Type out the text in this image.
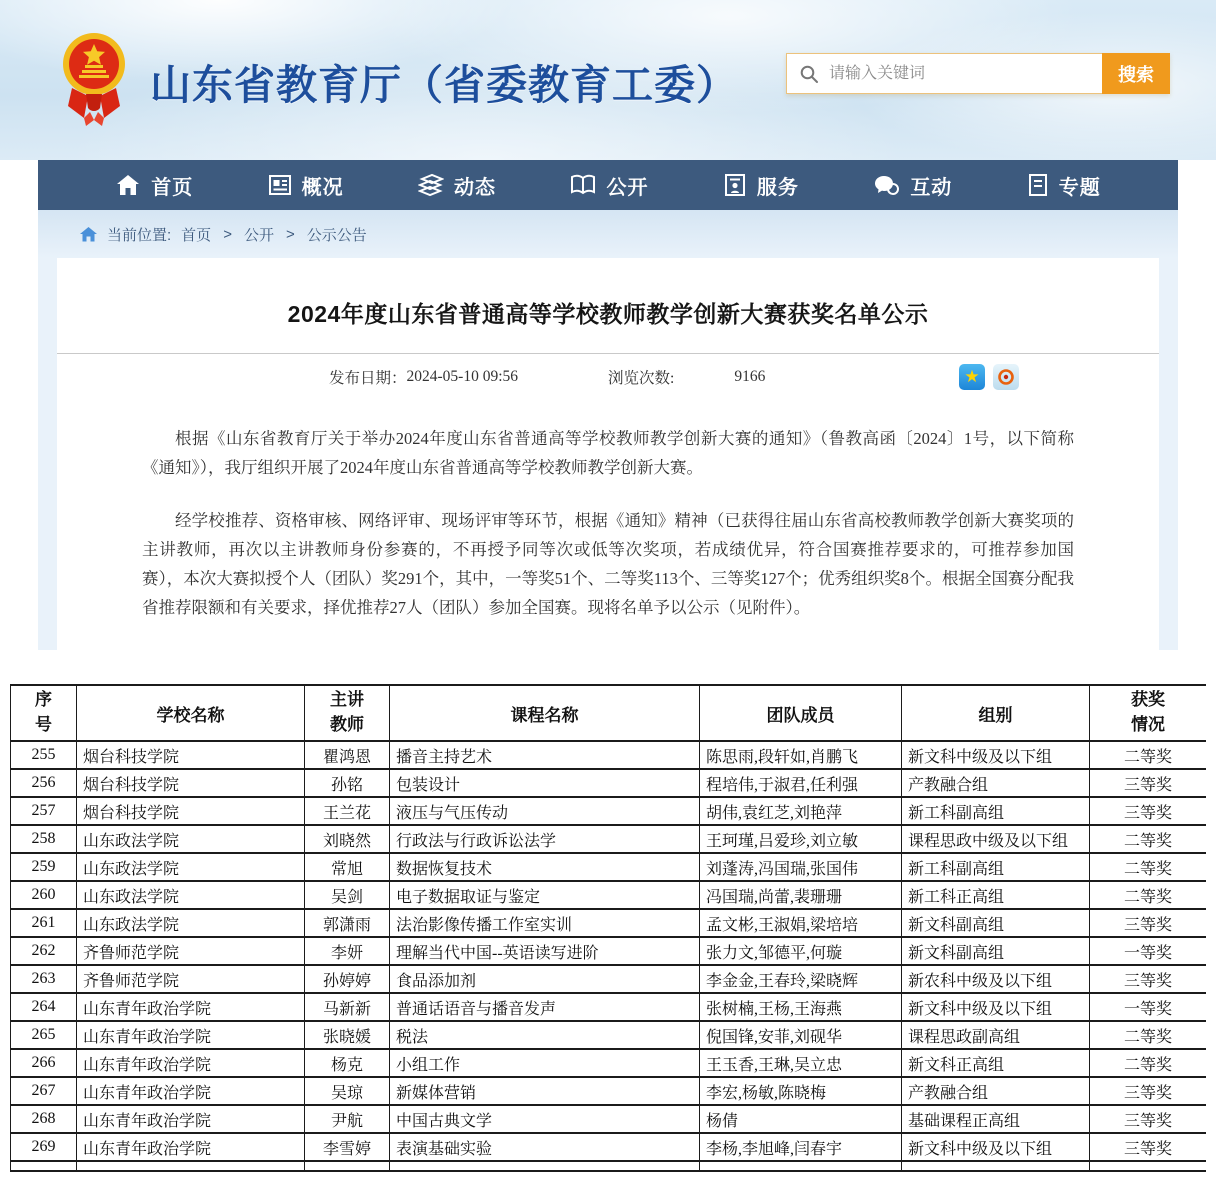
山东省教育厅（省委教育工委）
请输入关键词	搜索
首页	概况	动态	公开	服务	互动	专题
当前位置: 首页 > 公开 > 公示公告
2024年度山东省普通高等学校教师教学创新大赛获奖名单公示
发布日期： 2024-05-10 09:56	浏览次数:	9166	★

根据《山东省教育厅关于举办2024年度山东省普通高等学校教师教学创新大赛的通知》（鲁教高函〔2024〕1号，以下简称《通知》），我厅组织开展了2024年度山东省普通高等学校教师教学创新大赛。

经学校推荐、资格审核、网络评审、现场评审等环节，根据《通知》精神（已获得往届山东省高校教师教学创新大赛奖项的主讲教师，再次以主讲教师身份参赛的，不再授予同等次或低等次奖项，若成绩优异，符合国赛推荐要求的，可推荐参加国赛），本次大赛拟授个人（团队）奖291个，其中，一等奖51个、二等奖113个、三等奖127个；优秀组织奖8个。根据全国赛分配我省推荐限额和有关要求，择优推荐27人（团队）参加全国赛。现将名单予以公示（见附件）。

序号	学校名称	主讲教师	课程名称	团队成员	组别	获奖情况
255	烟台科技学院	瞿鸿恩	播音主持艺术	陈思雨,段轩如,肖鹏飞	新文科中级及以下组	二等奖
256	烟台科技学院	孙铭	包装设计	程培伟,于淑君,任利强	产教融合组	三等奖
257	烟台科技学院	王兰花	液压与气压传动	胡伟,袁红芝,刘艳萍	新工科副高组	三等奖
258	山东政法学院	刘晓然	行政法与行政诉讼法学	王珂瑾,吕爱珍,刘立敏	课程思政中级及以下组	二等奖
259	山东政法学院	常旭	数据恢复技术	刘蓬涛,冯国瑞,张国伟	新工科副高组	二等奖
260	山东政法学院	吴剑	电子数据取证与鉴定	冯国瑞,尚蕾,裴珊珊	新工科正高组	二等奖
261	山东政法学院	郭潇雨	法治影像传播工作室实训	孟文彬,王淑娟,梁培培	新文科副高组	三等奖
262	齐鲁师范学院	李妍	理解当代中国--英语读写进阶	张力文,邹德平,何璇	新文科副高组	一等奖
263	齐鲁师范学院	孙婷婷	食品添加剂	李金金,王春玲,梁晓辉	新农科中级及以下组	三等奖
264	山东青年政治学院	马新新	普通话语音与播音发声	张树楠,王杨,王海燕	新文科中级及以下组	一等奖
265	山东青年政治学院	张晓媛	税法	倪国锋,安菲,刘砚华	课程思政副高组	二等奖
266	山东青年政治学院	杨克	小组工作	王玉香,王琳,吴立忠	新文科正高组	二等奖
267	山东青年政治学院	吴琼	新媒体营销	李宏,杨敏,陈晓梅	产教融合组	三等奖
268	山东青年政治学院	尹航	中国古典文学	杨倩	基础课程正高组	三等奖
269	山东青年政治学院	李雪婷	表演基础实验	李杨,李旭峰,闫春宇	新文科中级及以下组	三等奖
